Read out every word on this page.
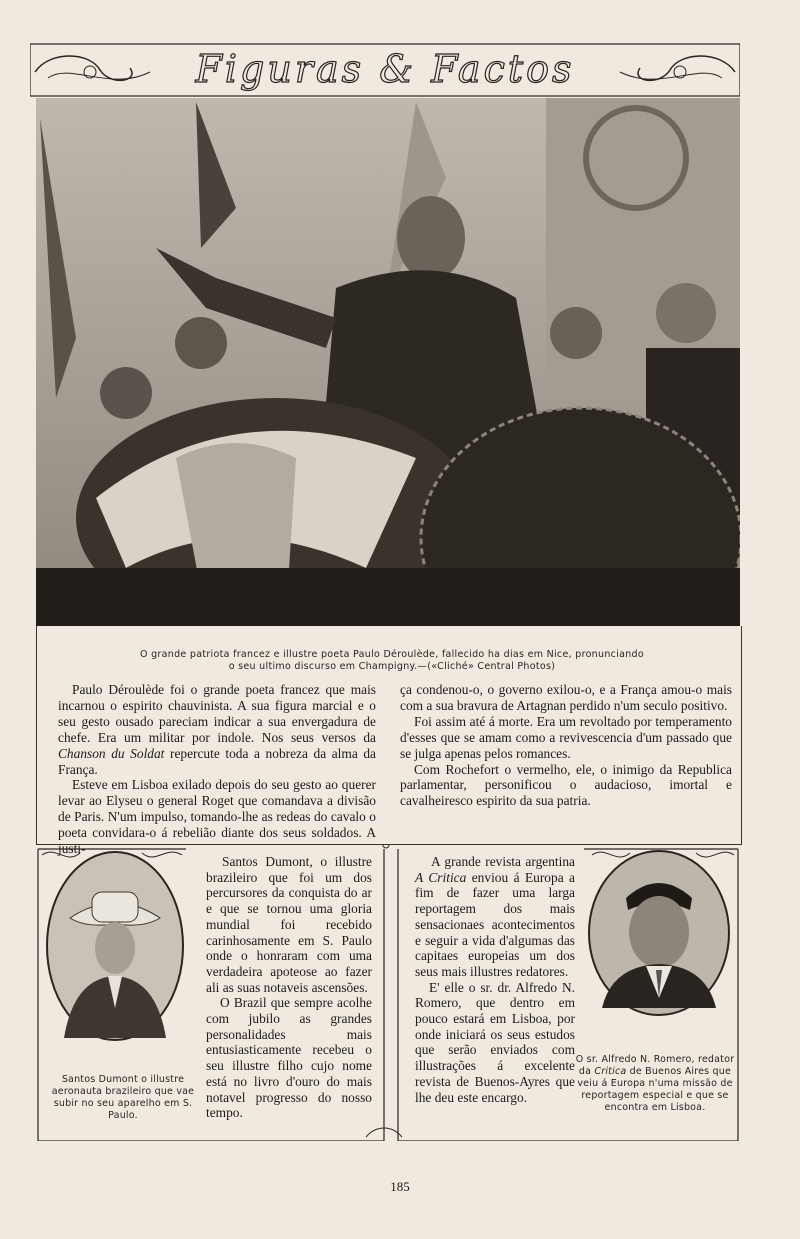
Figuras & Factos
O grande patriota francez e illustre poeta Paulo Déroulède, fallecido ha dias em Nice, pronunciando
o seu ultimo discurso em Champigny.—(«Cliché» Central Photos)

Paulo Déroulède foi o grande poeta francez que mais incarnou o espirito chauvinista. A sua figura marcial e o seu gesto ousado pareciam indicar a sua envergadura de chefe. Era um militar por indole. Nos seus versos da Chanson du Soldat repercute toda a nobreza da alma da França.

Esteve em Lisboa exilado depois do seu gesto ao querer levar ao Elyseu o general Roget que comandava a divisão de Paris. N'um impulso, tomando-lhe as redeas do cavalo o poeta convidara-o á rebelião diante dos seus soldados. A justi-

ça condenou-o, o governo exilou-o, e a França amou-o mais com a sua bravura de Artagnan perdido n'um seculo positivo.

Foi assim até á morte. Era um revoltado por temperamento d'esses que se amam como a revivescencia d'um passado que se julga apenas pelos romances.

Com Rochefort o vermelho, ele, o inimigo da Republica parlamentar, personificou o audacioso, imortal e cavalheiresco espirito da sua patria.

Santos Dumont o illustre aeronauta brazileiro que vae subir no seu aparelho em S. Paulo.

Santos Dumont, o illustre brazileiro que foi um dos percursores da conquista do ar e que se tornou uma gloria mundial foi recebido carinhosamente em S. Paulo onde o honraram com uma verdadeira apoteose ao fazer ali as suas notaveis ascensões.

O Brazil que sempre acolhe com jubilo as grandes personalidades mais entusiasticamente recebeu o seu illustre filho cujo nome está no livro d'ouro do mais notavel progresso do nosso tempo.

A grande revista argentina A Critica enviou á Europa a fim de fazer uma larga reportagem dos mais sensacionaes acontecimentos e seguir a vida d'algumas das capitaes europeias um dos seus mais illustres redatores.

E' elle o sr. dr. Alfredo N. Romero, que dentro em pouco estará em Lisboa, por onde iniciará os seus estudos que serão enviados com illustrações á excelente revista de Buenos-Ayres que lhe deu este encargo.

O sr. Alfredo N. Romero, redator da Critica de Buenos Aires que veiu á Europa n'uma missão de reportagem especial e que se encontra em Lisboa.
185
